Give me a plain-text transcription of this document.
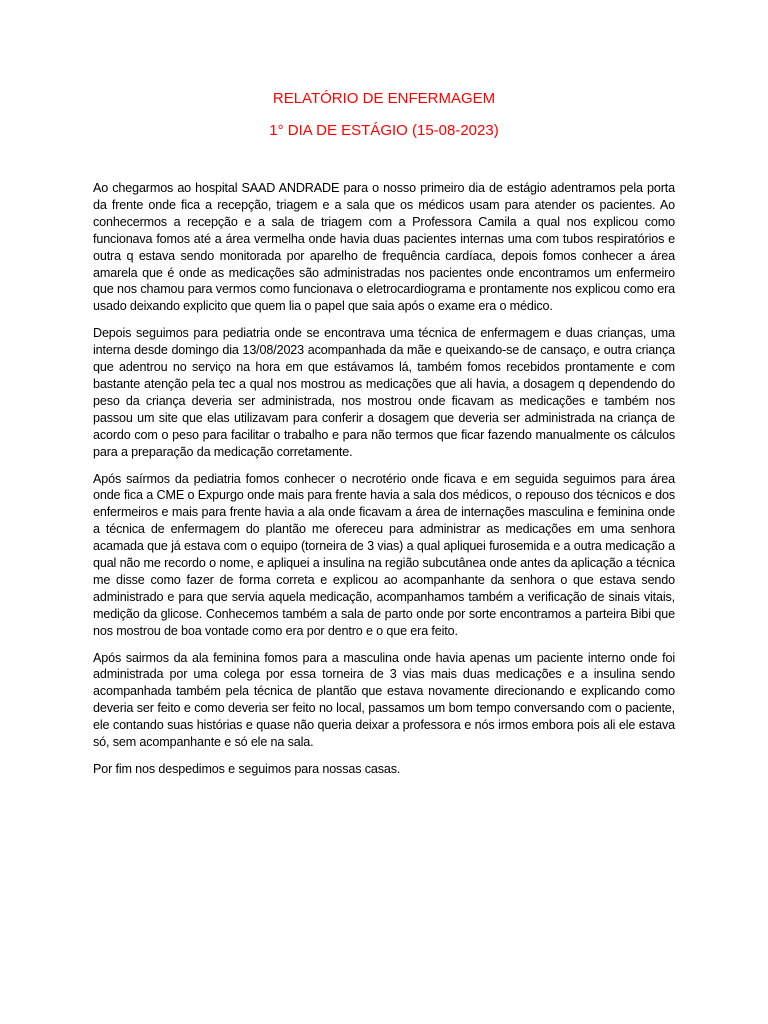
RELATÓRIO DE ENFERMAGEM
1° DIA DE ESTÁGIO (15-08-2023)

Ao chegarmos ao hospital SAAD ANDRADE para o nosso primeiro dia de estágio adentramos pela porta da frente onde fica a recepção, triagem e a sala que os médicos usam para atender os pacientes. Ao conhecermos a recepção e a sala de triagem com a Professora Camila a qual nos explicou como funcionava fomos até a área vermelha onde havia duas pacientes internas uma com tubos respiratórios e outra q estava sendo monitorada por aparelho de frequência cardíaca, depois fomos conhecer a área amarela que é onde as medicações são administradas nos pacientes onde encontramos um enfermeiro que nos chamou para vermos como funcionava o eletrocardiograma e prontamente nos explicou como era usado deixando explicito que quem lia o papel que saia após o exame era o médico.

Depois seguimos para pediatria onde se encontrava uma técnica de enfermagem e duas crianças, uma interna desde domingo dia 13/08/2023 acompanhada da mãe e queixando-se de cansaço, e outra criança que adentrou no serviço na hora em que estávamos lá, também fomos recebidos prontamente e com bastante atenção pela tec a qual nos mostrou as medicações que ali havia, a dosagem q dependendo do peso da criança deveria ser administrada, nos mostrou onde ficavam as medicações e também nos passou um site que elas utilizavam para conferir a dosagem que deveria ser administrada na criança de acordo com o peso para facilitar o trabalho e para não termos que ficar fazendo manualmente os cálculos para a preparação da medicação corretamente.

Após saírmos da pediatria fomos conhecer o necrotério onde ficava e em seguida seguimos para área onde fica a CME o Expurgo onde mais para frente havia a sala dos médicos, o repouso dos técnicos e dos enfermeiros e mais para frente havia a ala onde ficavam a área de internações masculina e feminina onde a técnica de enfermagem do plantão me ofereceu para administrar as medicações em uma senhora acamada que já estava com o equipo (torneira de 3 vias) a qual apliquei furosemida e a outra medicação a qual não me recordo o nome, e apliquei a insulina na região subcutânea onde antes da aplicação a técnica me disse como fazer de forma correta e explicou ao acompanhante da senhora o que estava sendo administrado e para que servia aquela medicação, acompanhamos também a verificação de sinais vitais, medição da glicose. Conhecemos também a sala de parto onde por sorte encontramos a parteira Bibi que nos mostrou de boa vontade como era por dentro e o que era feito.

Após sairmos da ala feminina fomos para a masculina onde havia apenas um paciente interno onde foi administrada por uma colega por essa torneira de 3 vias mais duas medicações e a insulina sendo acompanhada também pela técnica de plantão que estava novamente direcionando e explicando como deveria ser feito e como deveria ser feito no local, passamos um bom tempo conversando com o paciente, ele contando suas histórias e quase não queria deixar a professora e nós irmos embora pois ali ele estava só, sem acompanhante e só ele na sala.

Por fim nos despedimos e seguimos para nossas casas.
